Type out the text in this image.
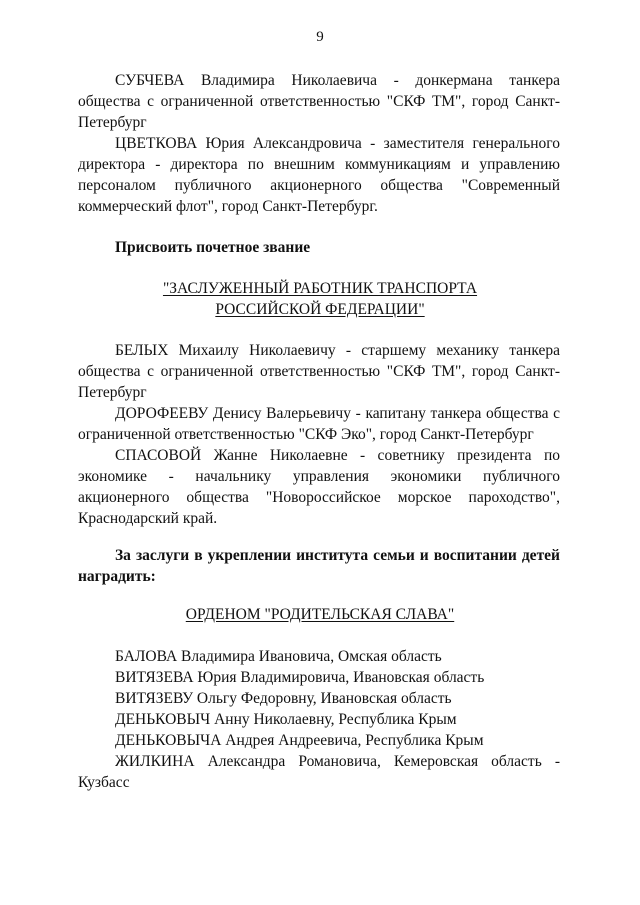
9

СУБЧЕВА Владимира Николаевича - донкермана танкера общества с ограниченной ответственностью "СКФ ТМ", город Санкт-Петербург

ЦВЕТКОВА Юрия Александровича - заместителя генерального директора - директора по внешним коммуникациям и управлению персоналом публичного акционерного общества "Современный коммерческий флот", город Санкт-Петербург.

Присвоить почетное звание

"ЗАСЛУЖЕННЫЙ РАБОТНИК ТРАНСПОРТА
РОССИЙСКОЙ ФЕДЕРАЦИИ"

БЕЛЫХ Михаилу Николаевичу - старшему механику танкера общества с ограниченной ответственностью "СКФ ТМ", город Санкт-Петербург

ДОРОФЕЕВУ Денису Валерьевичу - капитану танкера общества с ограниченной ответственностью "СКФ Эко", город Санкт-Петербург

СПАСОВОЙ Жанне Николаевне - советнику президента по экономике - начальнику управления экономики публичного акционерного общества "Новороссийское морское пароходство", Краснодарский край.

За заслуги в укреплении института семьи и воспитании детей наградить:

ОРДЕНОМ "РОДИТЕЛЬСКАЯ СЛАВА"

БАЛОВА Владимира Ивановича, Омская область

ВИТЯЗЕВА Юрия Владимировича, Ивановская область

ВИТЯЗЕВУ Ольгу Федоровну, Ивановская область

ДЕНЬКОВЫЧ Анну Николаевну, Республика Крым

ДЕНЬКОВЫЧА Андрея Андреевича, Республика Крым

ЖИЛКИНА Александра Романовича, Кемеровская область - Кузбасс
